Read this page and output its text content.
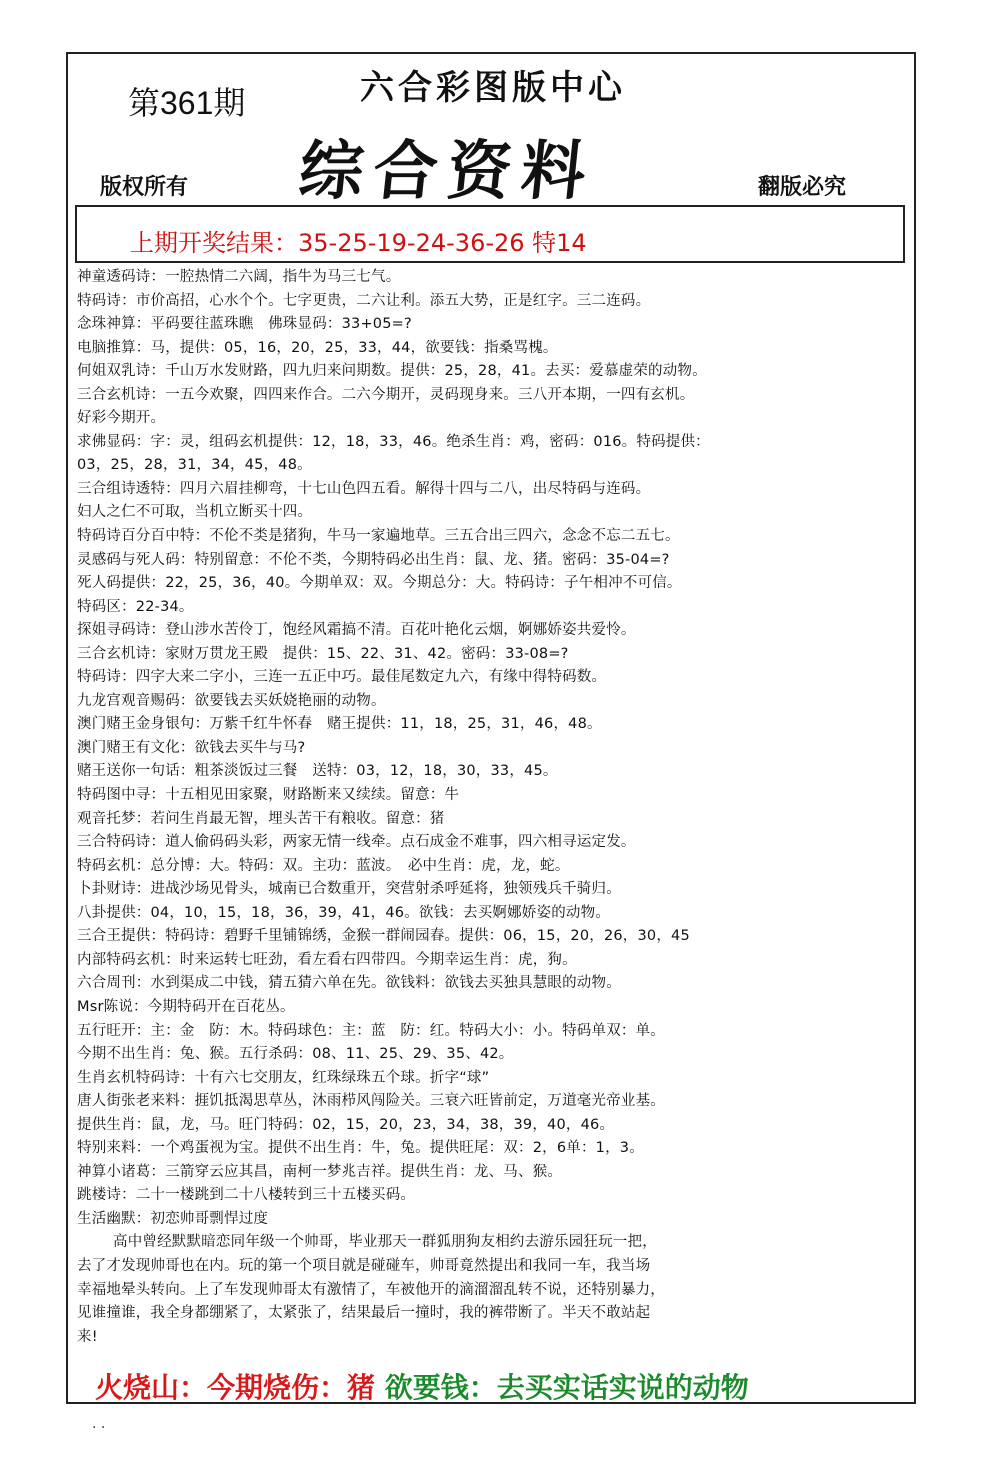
第361期	六合彩图版中心
综合资料
版权所有	翻版必究
上期开奖结果：35-25-19-24-36-26 特14
神童透码诗：一腔热情二六阔，指牛为马三七气。
特码诗：市价高招，心水个个。七字更贵，二六让利。添五大势，正是红字。三二连码。
念珠神算：平码要往蓝珠瞧　佛珠显码：33+05=?
电脑推算：马，提供：05，16，20，25，33，44，欲要钱：指桑骂槐。
何姐双乳诗：千山万水发财路，四九归来问期数。提供：25，28，41。去买：爱慕虚荣的动物。
三合玄机诗：一五今欢聚，四四来作合。二六今期开，灵码现身来。三八开本期，一四有玄机。
好彩今期开。
求佛显码：字：灵，组码玄机提供：12，18，33，46。绝杀生肖：鸡，密码：016。特码提供：
03，25，28，31，34，45，48。
三合组诗透特：四月六眉挂柳弯，十七山色四五看。解得十四与二八，出尽特码与连码。
妇人之仁不可取，当机立断买十四。
特码诗百分百中特：不伦不类是猪狗，牛马一家遍地草。三五合出三四六，念念不忘二五七。
灵感码与死人码：特别留意：不伦不类，今期特码必出生肖：鼠、龙、猪。密码：35-04=?
死人码提供：22，25，36，40。今期单双：双。今期总分：大。特码诗：子午相冲不可信。
特码区：22-34。
探姐寻码诗：登山涉水苦伶丁，饱经风霜搞不清。百花叶艳化云烟，婀娜娇姿共爱怜。
三合玄机诗：家财万贯龙王殿　提供：15、22、31、42。密码：33-08=?
特码诗：四字大来二字小，三连一五正中巧。最佳尾数定九六，有缘中得特码数。
九龙宫观音赐码：欲要钱去买妖娆艳丽的动物。
澳门赌王金身银句：万紫千红牛怀春　赌王提供：11，18，25，31，46，48。
澳门赌王有文化：欲钱去买牛与马?
赌王送你一句话：粗茶淡饭过三餐　送特：03，12，18，30，33，45。
特码图中寻：十五相见田家聚，财路断来又续续。留意：牛
观音托梦：若问生肖最无智，埋头苦干有粮收。留意：猪
三合特码诗：道人偷码码头彩，两家无情一线牵。点石成金不难事，四六相寻运定发。
特码玄机：总分博：大。特码：双。主功：蓝波。　必中生肖：虎，龙，蛇。
卜卦财诗：进战沙场见骨头，城南已合数重开，突营射杀呼延将，独领残兵千骑归。
八卦提供：04，10，15，18，36，39，41，46。欲钱：去买婀娜娇姿的动物。
三合王提供：特码诗：碧野千里铺锦绣，金猴一群闹园春。提供：06，15，20，26，30，45
内部特码玄机：时来运转七旺劲，看左看右四带四。今期幸运生肖：虎，狗。
六合周刊：水到渠成二中钱，猜五猜六单在先。欲钱料：欲钱去买独具慧眼的动物。
Msr陈说：今期特码开在百花丛。
五行旺开：主：金　防：木。特码球色：主：蓝　防：红。特码大小：小。特码单双：单。
今期不出生肖：兔、猴。五行杀码：08、11、25、29、35、42。
生肖玄机特码诗：十有六七交朋友，红珠绿珠五个球。折字“球”
唐人街张老来料：捱饥抵渴思草丛，沐雨栉风闯险关。三衰六旺皆前定，万道毫光帝业基。
提供生肖：鼠，龙，马。旺门特码：02，15，20，23，34，38，39，40，46。
特别来料：一个鸡蛋视为宝。提供不出生肖：牛，兔。提供旺尾：双：2，6单：1，3。
神算小诸葛：三箭穿云应其昌，南柯一梦兆吉祥。提供生肖：龙、马、猴。
跳楼诗：二十一楼跳到二十八楼转到三十五楼买码。
生活幽默：初恋帅哥剽悍过度
高中曾经默默暗恋同年级一个帅哥，毕业那天一群狐朋狗友相约去游乐园狂玩一把，
去了才发现帅哥也在内。玩的第一个项目就是碰碰车，帅哥竟然提出和我同一车，我当场
幸福地晕头转向。上了车发现帅哥太有激情了，车被他开的滴溜溜乱转不说，还特别暴力，
见谁撞谁，我全身都绷紧了，太紧张了，结果最后一撞时，我的裤带断了。半天不敢站起
来!
火烧山：今期烧伤：猪 欲要钱：去买实话实说的动物
· ·
